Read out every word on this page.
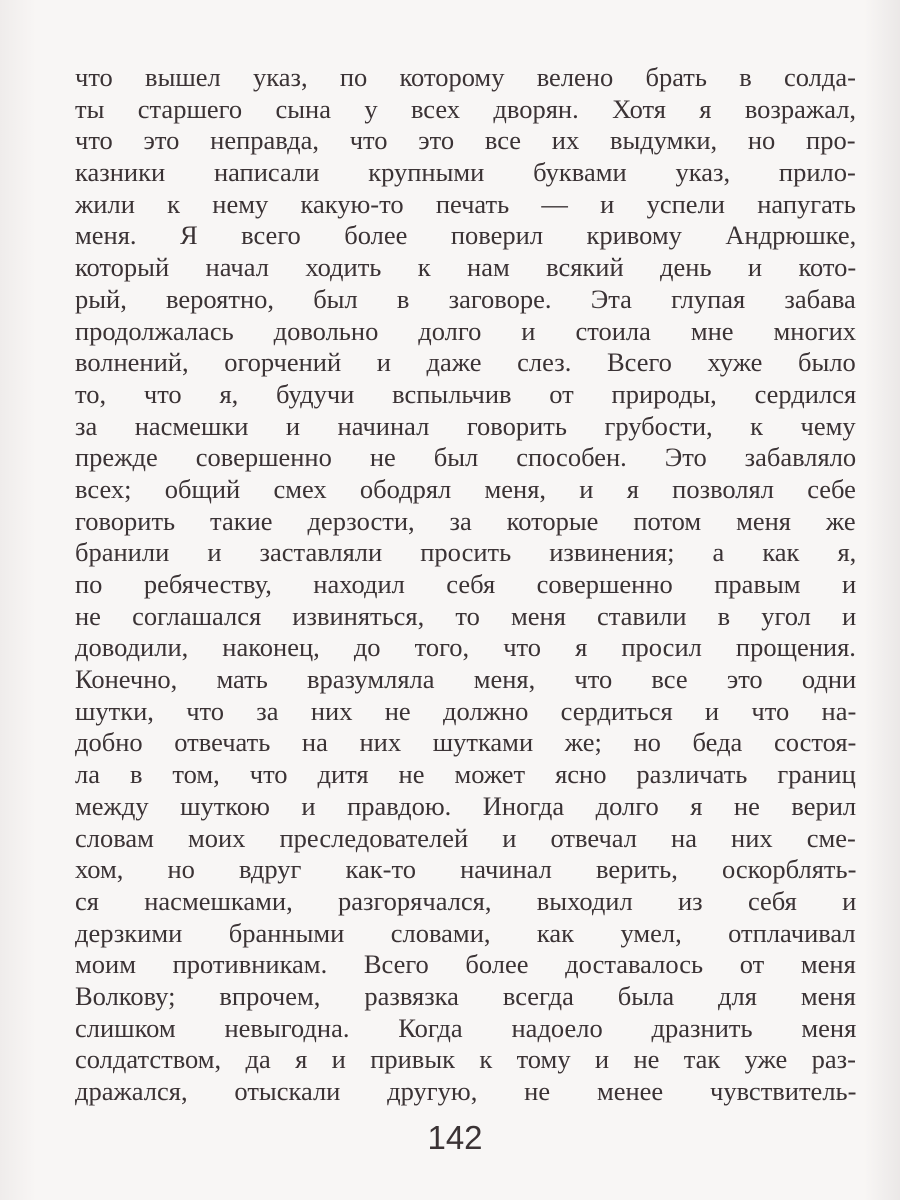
что вышел указ, по которому велено брать в солда-
ты старшего сына у всех дворян. Хотя я возражал,
что это неправда, что это все их выдумки, но про-
казники написали крупными буквами указ, прило-
жили к нему какую-то печать — и успели напугать
меня. Я всего более поверил кривому Андрюшке,
который начал ходить к нам всякий день и кото-
рый, вероятно, был в заговоре. Эта глупая забава
продолжалась довольно долго и стоила мне многих
волнений, огорчений и даже слез. Всего хуже было
то, что я, будучи вспыльчив от природы, сердился
за насмешки и начинал говорить грубости, к чему
прежде совершенно не был способен. Это забавляло
всех; общий смех ободрял меня, и я позволял себе
говорить такие дерзости, за которые потом меня же
бранили и заставляли просить извинения; а как я,
по ребячеству, находил себя совершенно правым и
не соглашался извиняться, то меня ставили в угол и
доводили, наконец, до того, что я просил прощения.
Конечно, мать вразумляла меня, что все это одни
шутки, что за них не должно сердиться и что на-
добно отвечать на них шутками же; но беда состоя-
ла в том, что дитя не может ясно различать границ
между шуткою и правдою. Иногда долго я не верил
словам моих преследователей и отвечал на них сме-
хом, но вдруг как-то начинал верить, оскорблять-
ся насмешками, разгорячался, выходил из себя и
дерзкими бранными словами, как умел, отплачивал
моим противникам. Всего более доставалось от меня
Волкову; впрочем, развязка всегда была для меня
слишком невыгодна. Когда надоело дразнить меня
солдатством, да я и привык к тому и не так уже раз-
дражался, отыскали другую, не менее чувствитель-
142
